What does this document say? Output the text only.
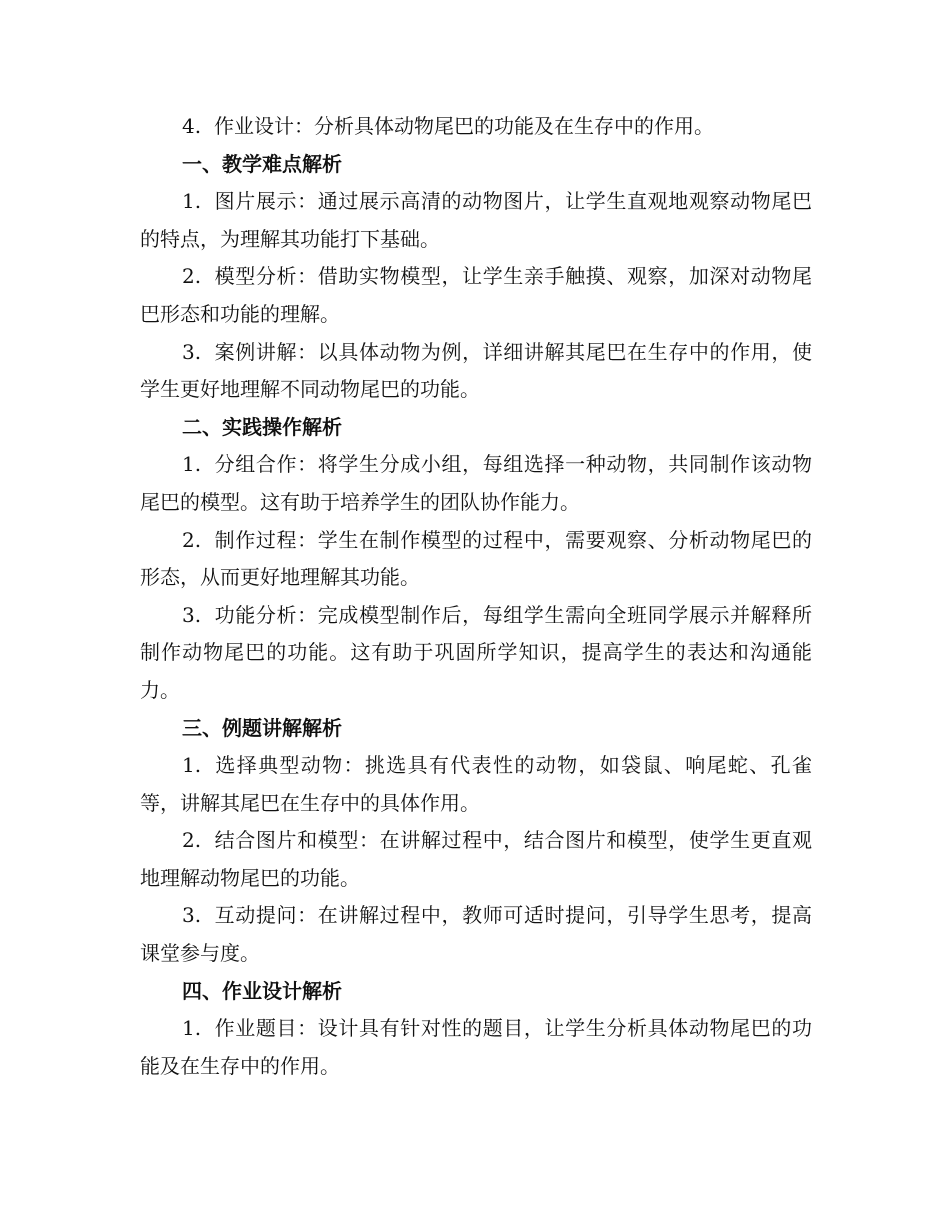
4. 作业设计：分析具体动物尾巴的功能及在生存中的作用。

一、教学难点解析

1. 图片展示：通过展示高清的动物图片，让学生直观地观察动物尾巴的特点，为理解其功能打下基础。

2. 模型分析：借助实物模型，让学生亲手触摸、观察，加深对动物尾巴形态和功能的理解。

3. 案例讲解：以具体动物为例，详细讲解其尾巴在生存中的作用，使学生更好地理解不同动物尾巴的功能。

二、实践操作解析

1. 分组合作：将学生分成小组，每组选择一种动物，共同制作该动物尾巴的模型。这有助于培养学生的团队协作能力。

2. 制作过程：学生在制作模型的过程中，需要观察、分析动物尾巴的形态，从而更好地理解其功能。

3. 功能分析：完成模型制作后，每组学生需向全班同学展示并解释所制作动物尾巴的功能。这有助于巩固所学知识，提高学生的表达和沟通能力。

三、例题讲解解析

1. 选择典型动物：挑选具有代表性的动物，如袋鼠、响尾蛇、孔雀等，讲解其尾巴在生存中的具体作用。

2. 结合图片和模型：在讲解过程中，结合图片和模型，使学生更直观地理解动物尾巴的功能。

3. 互动提问：在讲解过程中，教师可适时提问，引导学生思考，提高课堂参与度。

四、作业设计解析

1. 作业题目：设计具有针对性的题目，让学生分析具体动物尾巴的功能及在生存中的作用。
